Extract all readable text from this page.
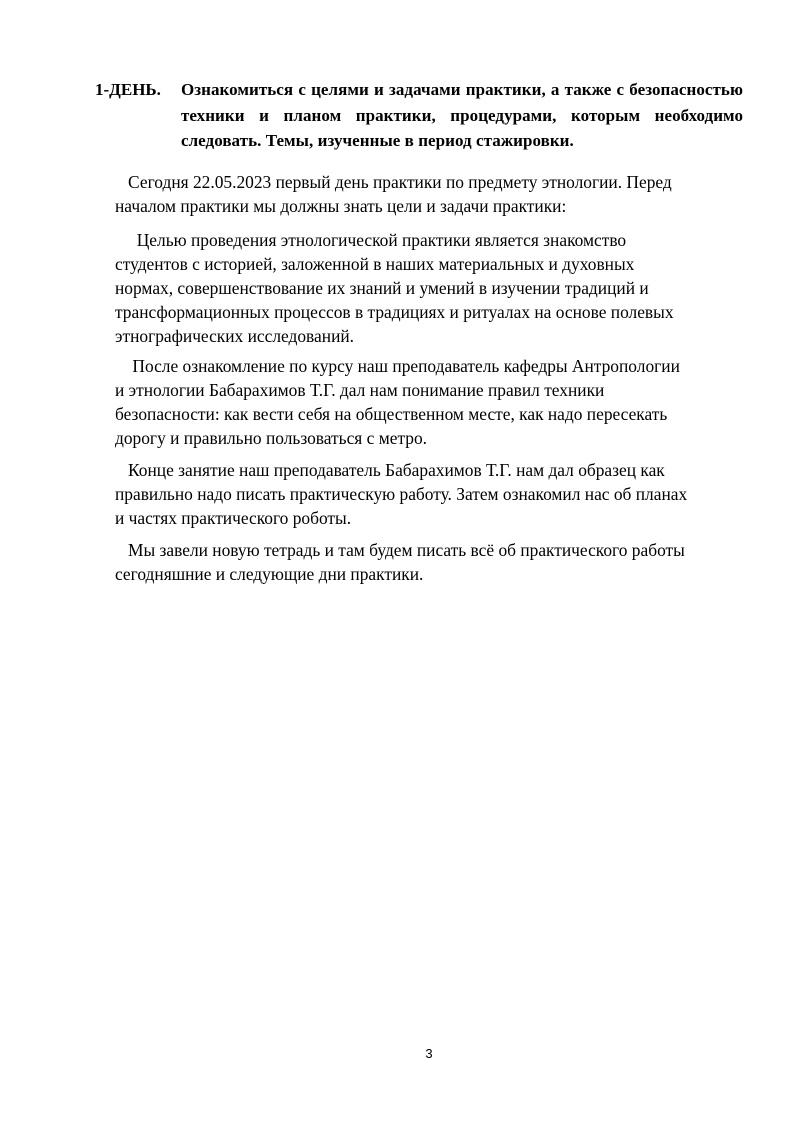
1-ДЕНЬ.	Ознакомиться с целями и задачами практики, а также с безопасностью техники и планом практики, процедурами, которым необходимо следовать. Темы, изученные в период стажировки.

Сегодня 22.05.2023 первый день практики по предмету этнологии. Перед
началом практики мы должны знать цели и задачи практики:

Целью проведения этнологической практики является знакомство
студентов с историей, заложенной в наших материальных и духовных
нормах, совершенствование их знаний и умений в изучении традиций и
трансформационных процессов в традициях и ритуалах на основе полевых
этнографических исследований.

После ознакомление по курсу наш преподаватель кафедры Антропологии
и этнологии Бабарахимов Т.Г. дал нам понимание правил техники
безопасности: как вести себя на общественном месте, как надо пересекать
дорогу и правильно пользоваться с метро.

Конце занятие наш преподаватель Бабарахимов Т.Г. нам дал образец как
правильно надо писать практическую работу. Затем ознакомил нас об планах
и частях практического роботы.

Мы завели новую тетрадь и там будем писать всё об практического работы
сегодняшние и следующие дни практики.

3
